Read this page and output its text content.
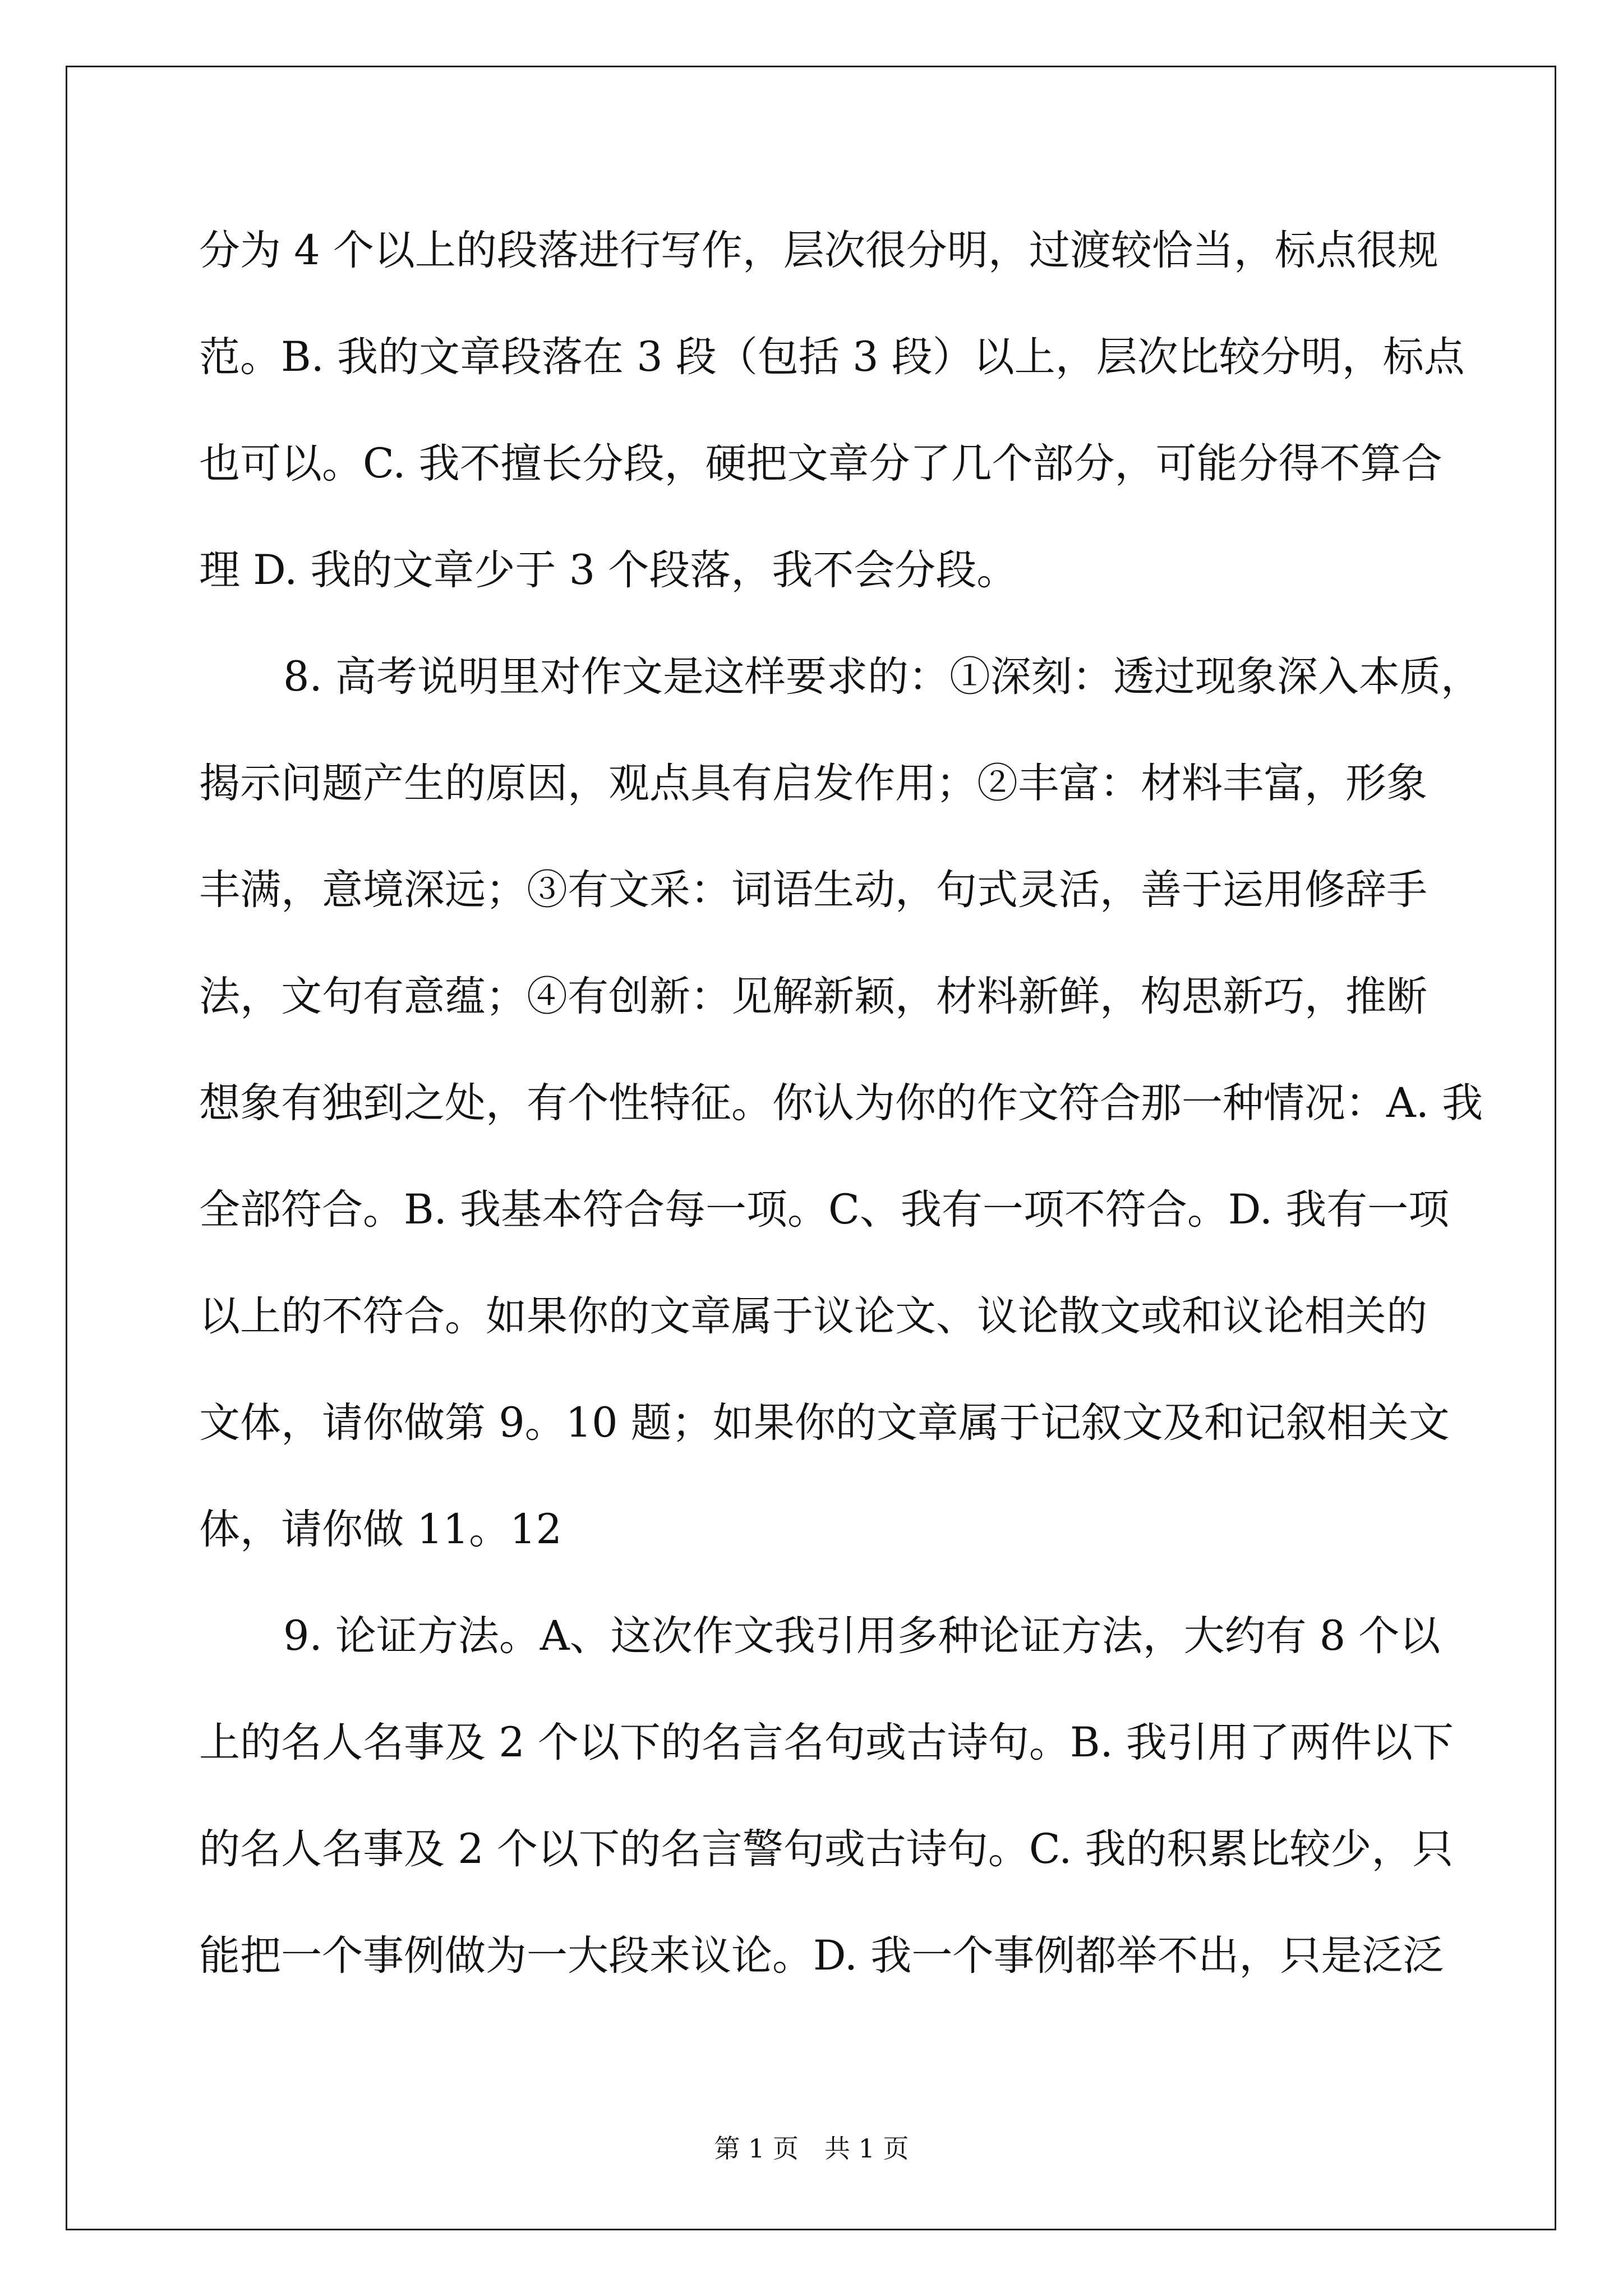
分为 4 个以上的段落进行写作，层次很分明，过渡较恰当，标点很规
范。B. 我的文章段落在 3 段（包括 3 段）以上，层次比较分明，标点
也可以。C. 我不擅长分段，硬把文章分了几个部分，可能分得不算合
理 D. 我的文章少于 3 个段落，我不会分段。
8. 高考说明里对作文是这样要求的：①深刻：透过现象深入本质，
揭示问题产生的原因，观点具有启发作用；②丰富：材料丰富，形象
丰满，意境深远；③有文采：词语生动，句式灵活，善于运用修辞手
法，文句有意蕴；④有创新：见解新颖，材料新鲜，构思新巧，推断
想象有独到之处，有个性特征。你认为你的作文符合那一种情况：A. 我
全部符合。B. 我基本符合每一项。C、我有一项不符合。D. 我有一项
以上的不符合。如果你的文章属于议论文、议论散文或和议论相关的
文体，请你做第 9。10 题；如果你的文章属于记叙文及和记叙相关文
体，请你做 11。12
9. 论证方法。A、这次作文我引用多种论证方法，大约有 8 个以
上的名人名事及 2 个以下的名言名句或古诗句。B. 我引用了两件以下
的名人名事及 2 个以下的名言警句或古诗句。C. 我的积累比较少，只
能把一个事例做为一大段来议论。D. 我一个事例都举不出，只是泛泛
第 1 页　共 1 页
